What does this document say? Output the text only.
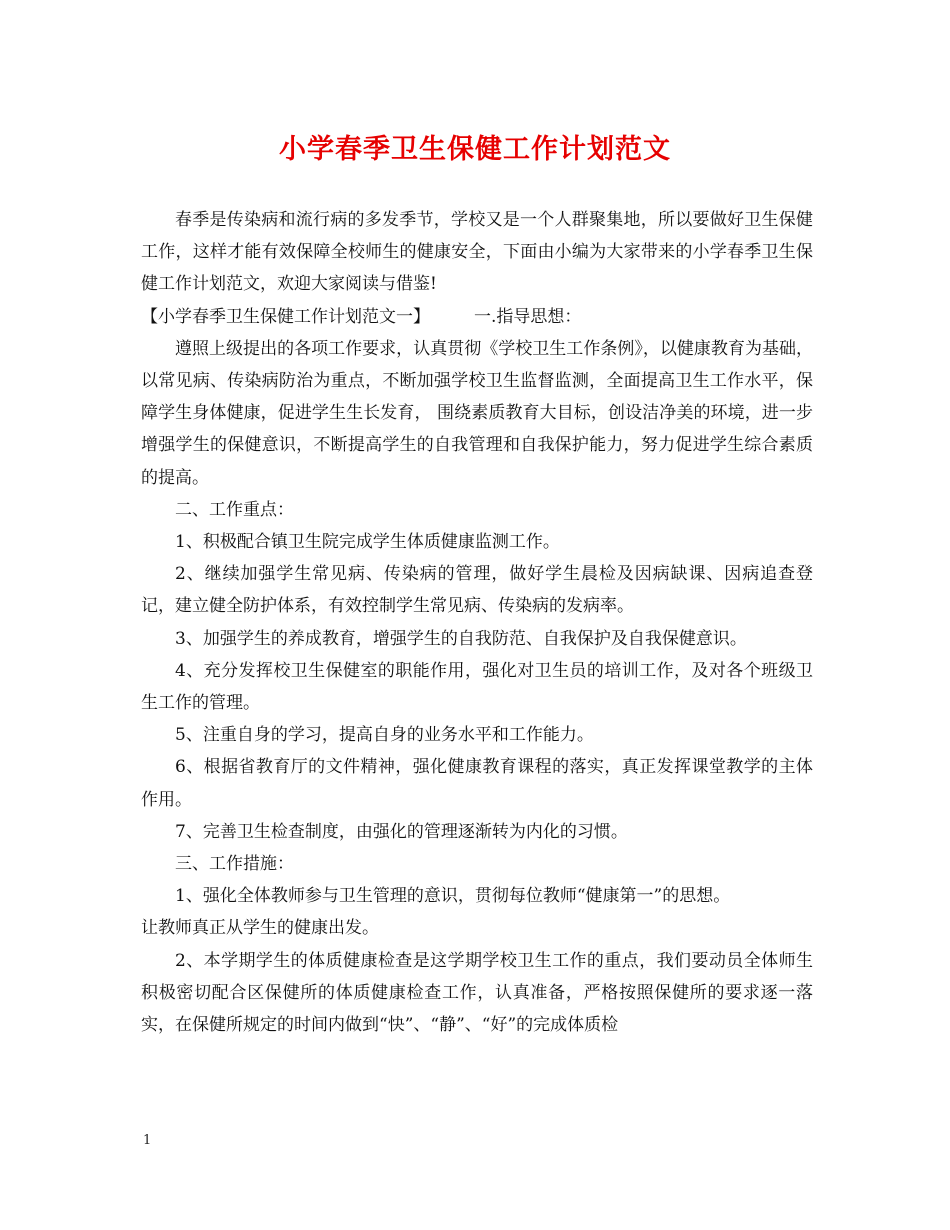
小学春季卫生保健工作计划范文

春季是传染病和流行病的多发季节，学校又是一个人群聚集地，所以要做好卫生保健工作，这样才能有效保障全校师生的健康安全，下面由小编为大家带来的小学春季卫生保健工作计划范文，欢迎大家阅读与借鉴!

【小学春季卫生保健工作计划范文一】	一.指导思想：

遵照上级提出的各项工作要求，认真贯彻《学校卫生工作条例》，以健康教育为基础，以常见病、传染病防治为重点，不断加强学校卫生监督监测，全面提高卫生工作水平，保障学生身体健康，促进学生生长发育， 围绕素质教育大目标，创设洁净美的环境，进一步增强学生的保健意识，不断提高学生的自我管理和自我保护能力，努力促进学生综合素质的提高。

二、工作重点：

1、积极配合镇卫生院完成学生体质健康监测工作。

2、继续加强学生常见病、传染病的管理，做好学生晨检及因病缺课、因病追查登记，建立健全防护体系，有效控制学生常见病、传染病的发病率。

3、加强学生的养成教育，增强学生的自我防范、自我保护及自我保健意识。

4、充分发挥校卫生保健室的职能作用，强化对卫生员的培训工作，及对各个班级卫生工作的管理。

5、注重自身的学习，提高自身的业务水平和工作能力。

6、根据省教育厅的文件精神，强化健康教育课程的落实，真正发挥课堂教学的主体作用。

7、完善卫生检查制度，由强化的管理逐渐转为内化的习惯。

三、工作措施：

1、强化全体教师参与卫生管理的意识，贯彻每位教师“健康第一”的思想。

让教师真正从学生的健康出发。

2、本学期学生的体质健康检查是这学期学校卫生工作的重点，我们要动员全体师生积极密切配合区保健所的体质健康检查工作，认真准备，严格按照保健所的要求逐一落实，在保健所规定的时间内做到“快”、“静”、“好”的完成体质检

1
